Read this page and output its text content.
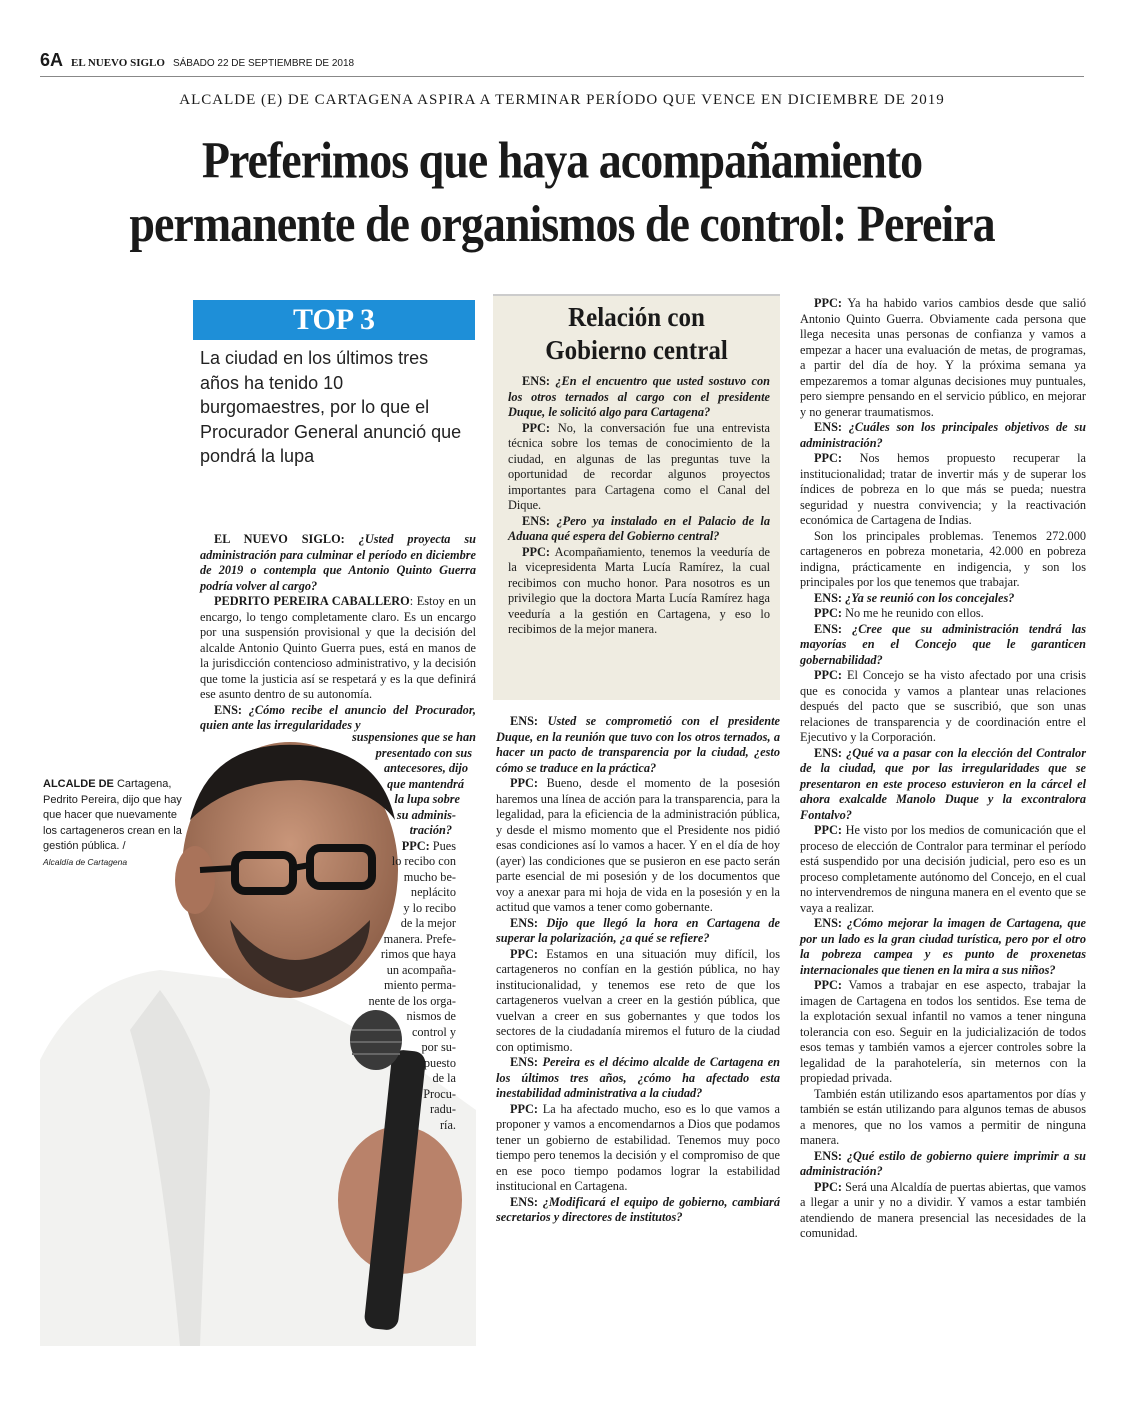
6A EL NUEVO SIGLO SÁBADO 22 DE SEPTIEMBRE DE 2018
ALCALDE (E) DE CARTAGENA ASPIRA A TERMINAR PERÍODO QUE VENCE EN DICIEMBRE DE 2019
Preferimos que haya acompañamiento
permanente de organismos de control: Pereira
TOP 3
La ciudad en los últimos tres años ha tenido 10 burgomaestres, por lo que el Procurador General anunció que pondrá la lupa

EL NUEVO SIGLO: ¿Usted proyecta su administración para culminar el período en diciembre de 2019 o contempla que Antonio Quinto Guerra podría volver al cargo?

PEDRITO PEREIRA CABALLERO: Estoy en un encargo, lo tengo completamente claro. Es un encargo por una suspensión provisional y que la decisión del alcalde Antonio Quinto Guerra pues, está en manos de la jurisdicción contencioso administrativo, y la decisión que tome la justicia así se respetará y es la que definirá ese asunto dentro de su autonomía.

ENS: ¿Cómo recibe el anuncio del Procurador, quien ante las irregularidades y

suspensiones que se han
presentado con sus
antecesores, dijo
que mantendrá
la lupa sobre
su adminis-
tración?
PPC: Pues
lo recibo con
mucho be-
neplácito
y lo recibo
de la mejor
manera. Prefe-
rimos que haya
un acompaña-
miento perma-
nente de los orga-
nismos de
control y
por su-
puesto
de la
Procu-
radu-
ría.
ALCALDE DE Cartagena, Pedrito Pereira, dijo que hay que hacer que nuevamente los cartageneros crean en la gestión pública. /
Alcaldía de Cartagena
Relación con
Gobierno central

ENS: ¿En el encuentro que usted sostuvo con los otros ternados al cargo con el presidente Duque, le solicitó algo para Cartagena?

PPC: No, la conversación fue una entrevista técnica sobre los temas de conocimiento de la ciudad, en algunas de las preguntas tuve la oportunidad de recordar algunos proyectos importantes para Cartagena como el Canal del Dique.

ENS: ¿Pero ya instalado en el Palacio de la Aduana qué espera del Gobierno central?

PPC: Acompañamiento, tenemos la veeduría de la vicepresidenta Marta Lucía Ramírez, la cual recibimos con mucho honor. Para nosotros es un privilegio que la doctora Marta Lucía Ramírez haga veeduría a la gestión en Cartagena, y eso lo recibimos de la mejor manera.

ENS: Usted se comprometió con el presidente Duque, en la reunión que tuvo con los otros ternados, a hacer un pacto de transparencia por la ciudad, ¿esto cómo se traduce en la práctica?

PPC: Bueno, desde el momento de la posesión haremos una línea de acción para la transparencia, para la legalidad, para la eficiencia de la administración pública, y desde el mismo momento que el Presidente nos pidió esas condiciones así lo vamos a hacer. Y en el día de hoy (ayer) las condiciones que se pusieron en ese pacto serán parte esencial de mi posesión y de los documentos que voy a anexar para mi hoja de vida en la posesión y en la actitud que vamos a tener como gobernante.

ENS: Dijo que llegó la hora en Cartagena de superar la polarización, ¿a qué se refiere?

PPC: Estamos en una situación muy difícil, los cartageneros no confían en la gestión pública, no hay institucionalidad, y tenemos ese reto de que los cartageneros vuelvan a creer en la gestión pública, que vuelvan a creer en sus gobernantes y que todos los sectores de la ciudadanía miremos el futuro de la ciudad con optimismo.

ENS: Pereira es el décimo alcalde de Cartagena en los últimos tres años, ¿cómo ha afectado esta inestabilidad administrativa a la ciudad?

PPC: La ha afectado mucho, eso es lo que vamos a proponer y vamos a encomendarnos a Dios que podamos tener un gobierno de estabilidad. Tenemos muy poco tiempo pero tenemos la decisión y el compromiso de que en ese poco tiempo podamos lograr la estabilidad institucional en Cartagena.

ENS: ¿Modificará el equipo de gobierno, cambiará secretarios y directores de institutos?

PPC: Ya ha habido varios cambios desde que salió Antonio Quinto Guerra. Obviamente cada persona que llega necesita unas personas de confianza y vamos a empezar a hacer una evaluación de metas, de programas, a partir del día de hoy. Y la próxima semana ya empezaremos a tomar algunas decisiones muy puntuales, pero siempre pensando en el servicio público, en mejorar y no generar traumatismos.

ENS: ¿Cuáles son los principales objetivos de su administración?

PPC: Nos hemos propuesto recuperar la institucionalidad; tratar de invertir más y de superar los índices de pobreza en lo que más se pueda; nuestra seguridad y nuestra convivencia; y la reactivación económica de Cartagena de Indias.

Son los principales problemas. Tenemos 272.000 cartageneros en pobreza monetaria, 42.000 en pobreza indigna, prácticamente en indigencia, y son los principales por los que tenemos que trabajar.

ENS: ¿Ya se reunió con los concejales?

PPC: No me he reunido con ellos.

ENS: ¿Cree que su administración tendrá las mayorías en el Concejo que le garanticen gobernabilidad?

PPC: El Concejo se ha visto afectado por una crisis que es conocida y vamos a plantear unas relaciones después del pacto que se suscribió, que son unas relaciones de transparencia y de coordinación entre el Ejecutivo y la Corporación.

ENS: ¿Qué va a pasar con la elección del Contralor de la ciudad, que por las irregularidades que se presentaron en este proceso estuvieron en la cárcel el ahora exalcalde Manolo Duque y la excontralora Fontalvo?

PPC: He visto por los medios de comunicación que el proceso de elección de Contralor para terminar el período está suspendido por una decisión judicial, pero eso es un proceso completamente autónomo del Concejo, en el cual no intervendremos de ninguna manera en el evento que se vaya a realizar.

ENS: ¿Cómo mejorar la imagen de Cartagena, que por un lado es la gran ciudad turística, pero por el otro la pobreza campea y es punto de proxenetas internacionales que tienen en la mira a sus niños?

PPC: Vamos a trabajar en ese aspecto, trabajar la imagen de Cartagena en todos los sentidos. Ese tema de la explotación sexual infantil no vamos a tener ninguna tolerancia con eso. Seguir en la judicialización de todos esos temas y también vamos a ejercer controles sobre la legalidad de la parahotelería, sin meternos con la propiedad privada.

También están utilizando esos apartamentos por días y también se están utilizando para algunos temas de abusos a menores, que no los vamos a permitir de ninguna manera.

ENS: ¿Qué estilo de gobierno quiere imprimir a su administración?

PPC: Será una Alcaldía de puertas abiertas, que vamos a llegar a unir y no a dividir. Y vamos a estar también atendiendo de manera presencial las necesidades de la comunidad.
